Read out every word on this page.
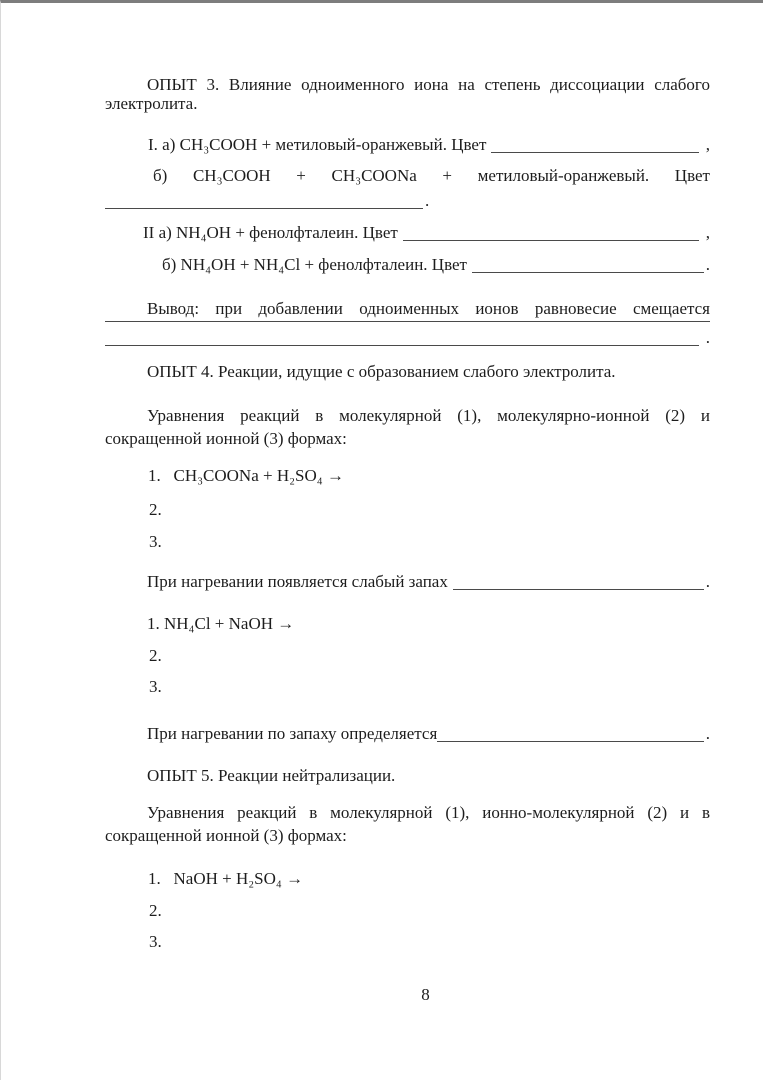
ОПЫТ 3. Влияние одноименного иона на степень диссоциации слабого
электролита.
I. а) CH₃COOH + метиловый-оранжевый. Цвет	,
б) CH₃COOH + CH₃COONa + метиловый-оранжевый. Цвет
.
II а) NH₄OH + фенолфталеин. Цвет	,
б) NH₄OH + NH₄Cl + фенолфталеин. Цвет	.
Вывод: при добавлении одноименных ионов равновесие смещается
.
ОПЫТ 4. Реакции, идущие с образованием слабого электролита.
Уравнения реакций в молекулярной (1), молекулярно-ионной (2) и
сокращенной ионной (3) формах:
1.   CH₃COONa + H₂SO₄ →
2.
3.
При нагревании появляется слабый запах	.
1. NH₄Cl + NaOH →
2.
3.
При нагревании по запаху определяется	.
ОПЫТ 5. Реакции нейтрализации.
Уравнения реакций в молекулярной (1), ионно-молекулярной (2) и в
сокращенной ионной (3) формах:
1.   NaOH + H₂SO₄ →
2.
3.
8
